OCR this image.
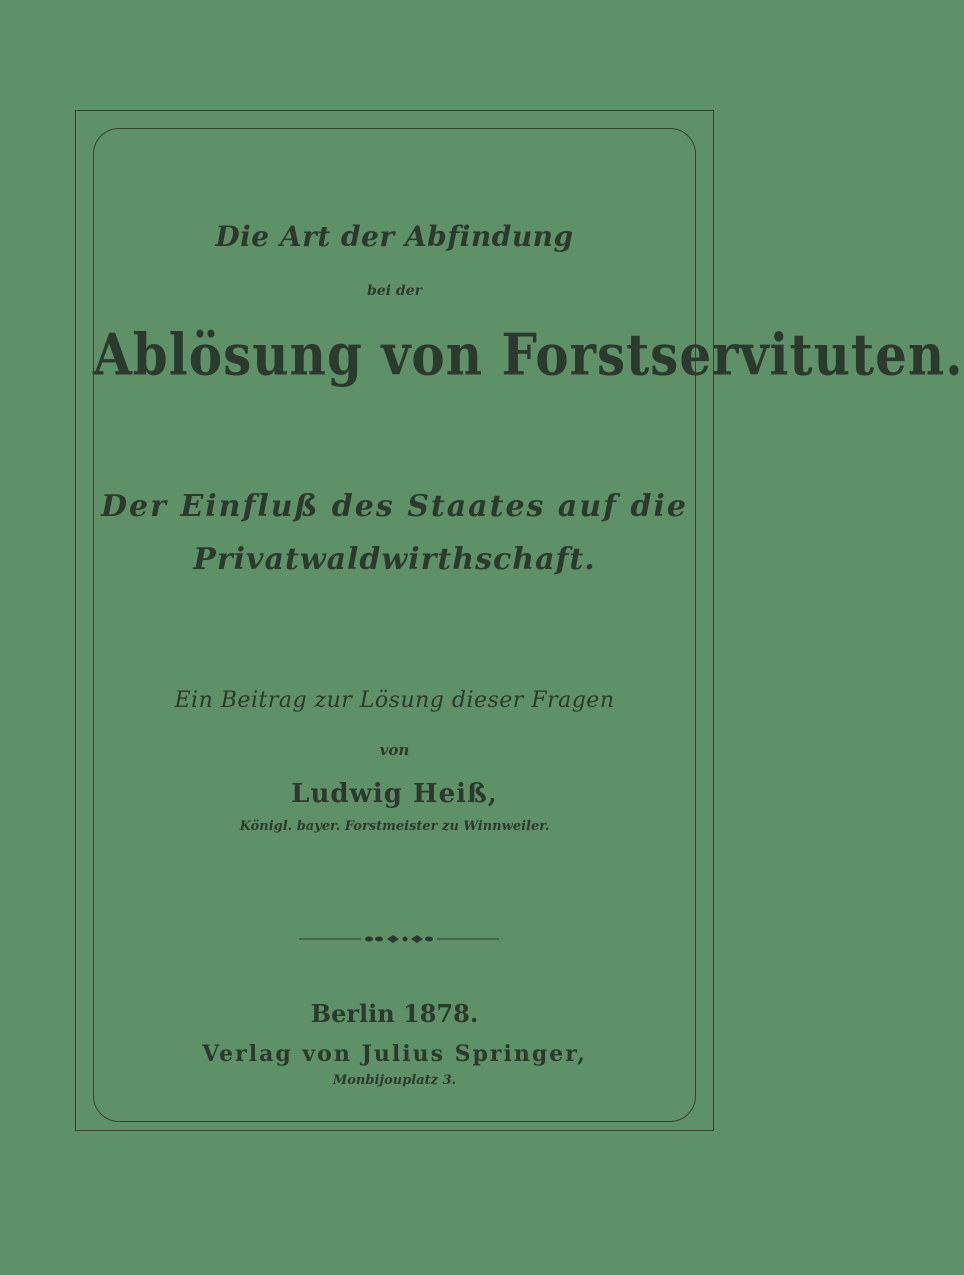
Die Art der Abfindung
bei der
Ablösung von Forstservituten.
Der Einfluß des Staates auf die
Privatwaldwirthschaft.
Ein Beitrag zur Lösung dieser Fragen
von
Ludwig Heiß,
Königl. bayer. Forstmeister zu Winnweiler.
Berlin 1878.
Verlag von Julius Springer,
Monbijouplatz 3.
